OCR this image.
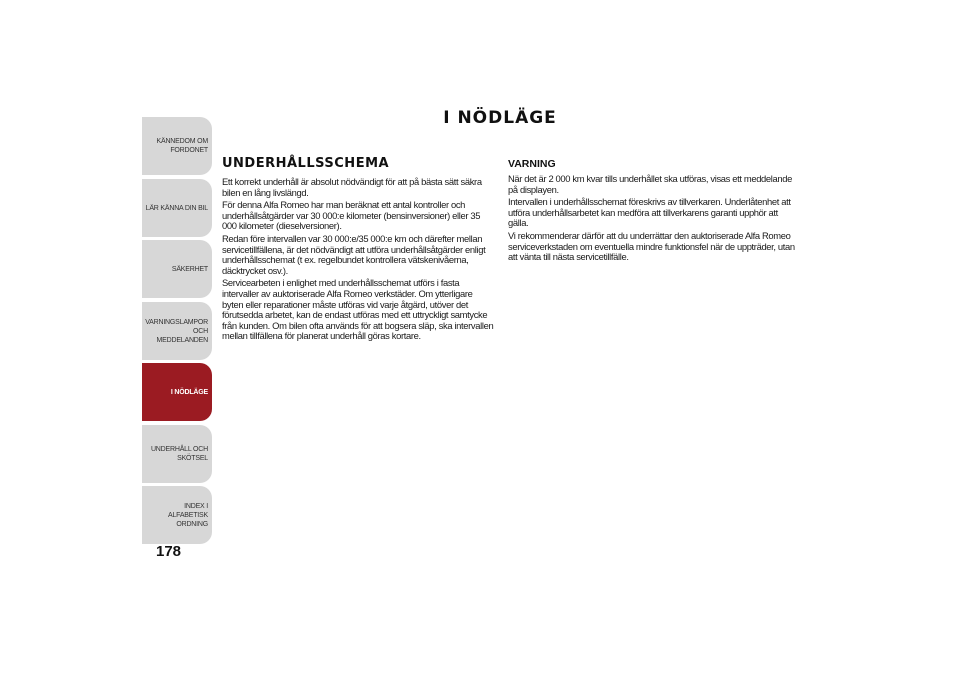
KÄNNEDOM OM
FORDONET
LÄR KÄNNA DIN BIL
SÄKERHET
VARNINGSLAMPOR
OCH MEDDELANDEN
I NÖDLÄGE
UNDERHÅLL OCH
SKÖTSEL
INDEX I ALFABETISK
ORDNING
178
I NÖDLÄGE
UNDERHÅLLSSCHEMA

Ett korrekt underhåll är absolut nödvändigt för att på bästa sätt säkra bilen en lång livslängd.

För denna Alfa Romeo har man beräknat ett antal kontroller och underhållsåtgärder var 30 000:e kilometer (bensinversioner) eller 35 000 kilometer (dieselversioner).

Redan före intervallen var 30 000:e/35 000:e km och därefter mellan servicetillfällena, är det nödvändigt att utföra underhållsåtgärder enligt underhållsschemat (t ex. regelbundet kontrollera vätskenivåerna, däcktrycket osv.).

Servicearbeten i enlighet med underhållsschemat utförs i fasta intervaller av auktoriserade Alfa Romeo verkstäder. Om ytterligare byten eller reparationer måste utföras vid varje åtgärd, utöver det förutsedda arbetet, kan de endast utföras med ett uttryckligt samtycke från kunden. Om bilen ofta används för att bogsera släp, ska intervallen mellan tillfällena för planerat underhåll göras kortare.

VARNING

När det är 2 000 km kvar tills underhållet ska utföras, visas ett meddelande på displayen.

Intervallen i underhållsschemat föreskrivs av tillverkaren. Underlåtenhet att utföra underhållsarbetet kan medföra att tillverkarens garanti upphör att gälla.

Vi rekommenderar därför att du underrättar den auktoriserade Alfa Romeo serviceverkstaden om eventuella mindre funktionsfel när de uppträder, utan att vänta till nästa servicetillfälle.
